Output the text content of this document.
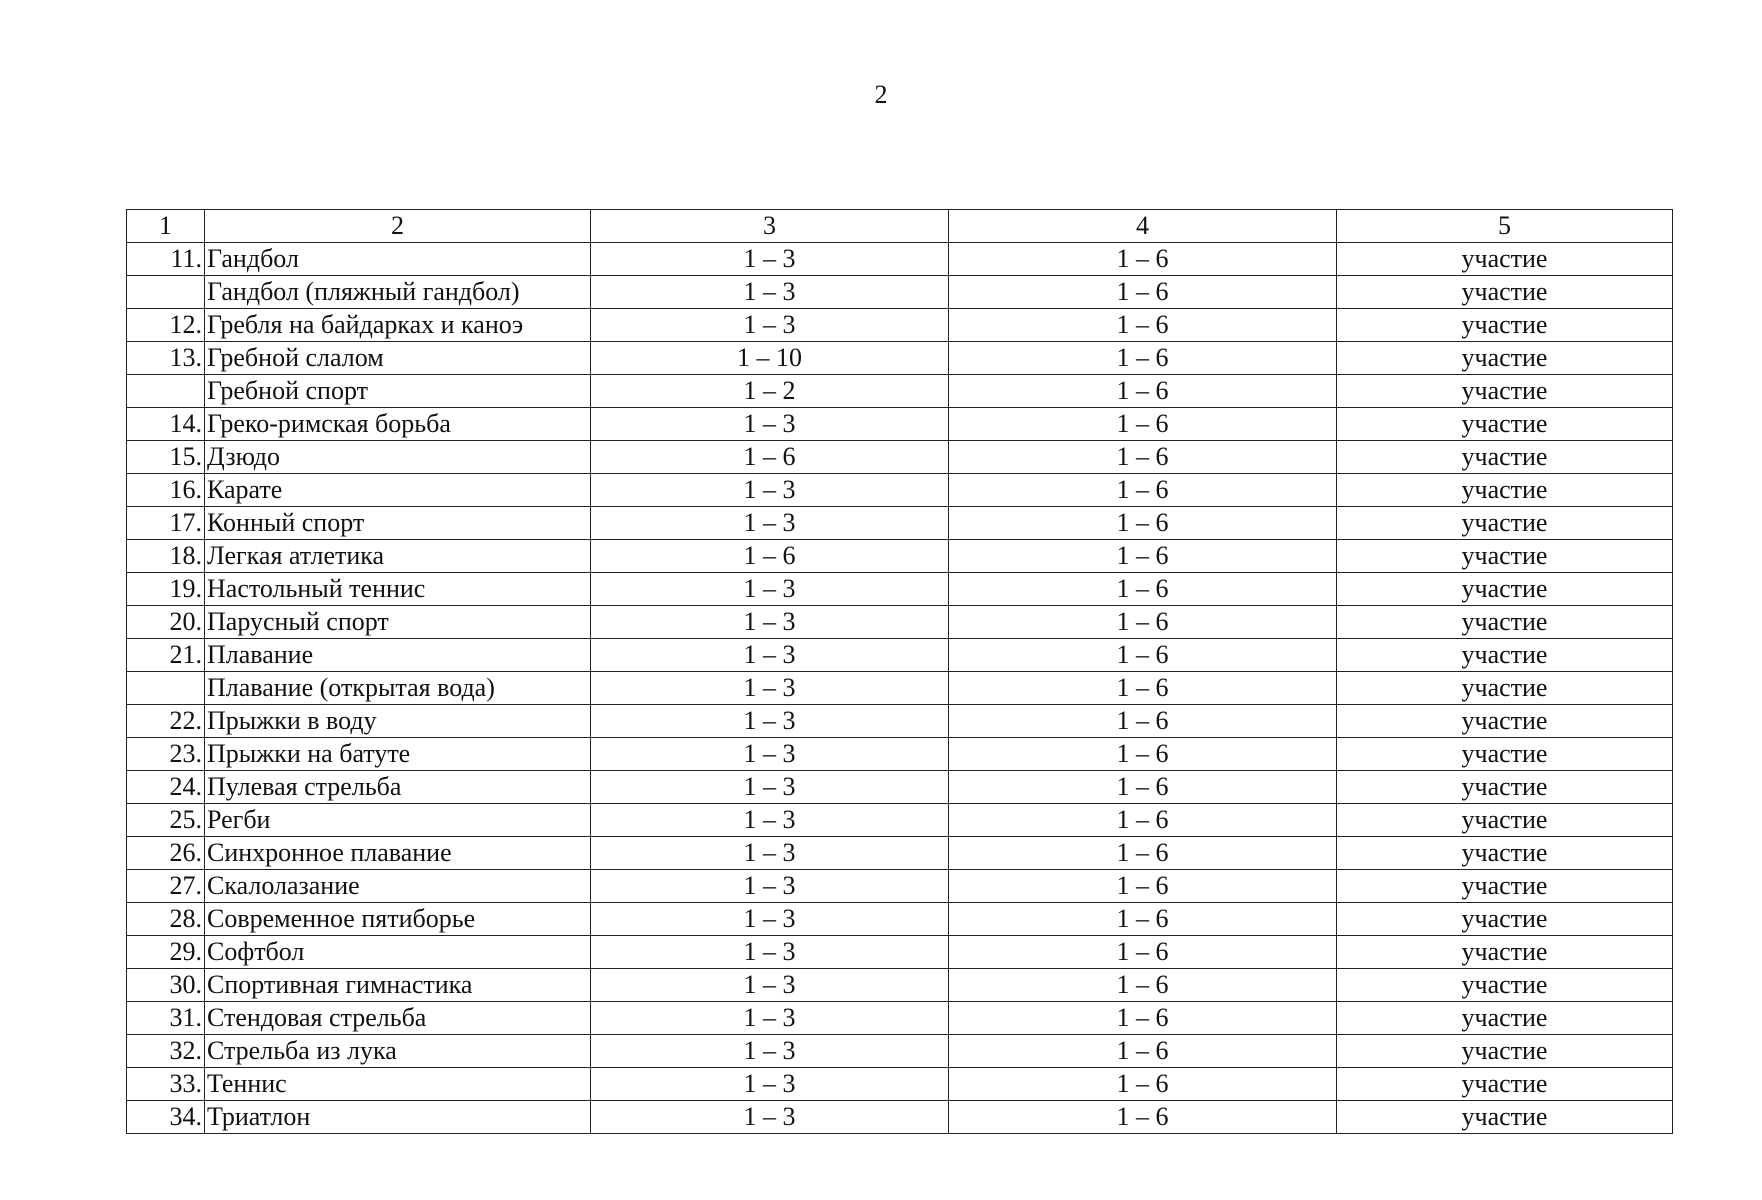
2
1	2	3	4	5
11.	Гандбол	1 – 3	1 – 6	участие
	Гандбол (пляжный гандбол)	1 – 3	1 – 6	участие
12.	Гребля на байдарках и каноэ	1 – 3	1 – 6	участие
13.	Гребной слалом	1 – 10	1 – 6	участие
	Гребной спорт	1 – 2	1 – 6	участие
14.	Греко-римская борьба	1 – 3	1 – 6	участие
15.	Дзюдо	1 – 6	1 – 6	участие
16.	Карате	1 – 3	1 – 6	участие
17.	Конный спорт	1 – 3	1 – 6	участие
18.	Легкая атлетика	1 – 6	1 – 6	участие
19.	Настольный теннис	1 – 3	1 – 6	участие
20.	Парусный спорт	1 – 3	1 – 6	участие
21.	Плавание	1 – 3	1 – 6	участие
	Плавание (открытая вода)	1 – 3	1 – 6	участие
22.	Прыжки в воду	1 – 3	1 – 6	участие
23.	Прыжки на батуте	1 – 3	1 – 6	участие
24.	Пулевая стрельба	1 – 3	1 – 6	участие
25.	Регби	1 – 3	1 – 6	участие
26.	Синхронное плавание	1 – 3	1 – 6	участие
27.	Скалолазание	1 – 3	1 – 6	участие
28.	Современное пятиборье	1 – 3	1 – 6	участие
29.	Софтбол	1 – 3	1 – 6	участие
30.	Спортивная гимнастика	1 – 3	1 – 6	участие
31.	Стендовая стрельба	1 – 3	1 – 6	участие
32.	Стрельба из лука	1 – 3	1 – 6	участие
33.	Теннис	1 – 3	1 – 6	участие
34.	Триатлон	1 – 3	1 – 6	участие
